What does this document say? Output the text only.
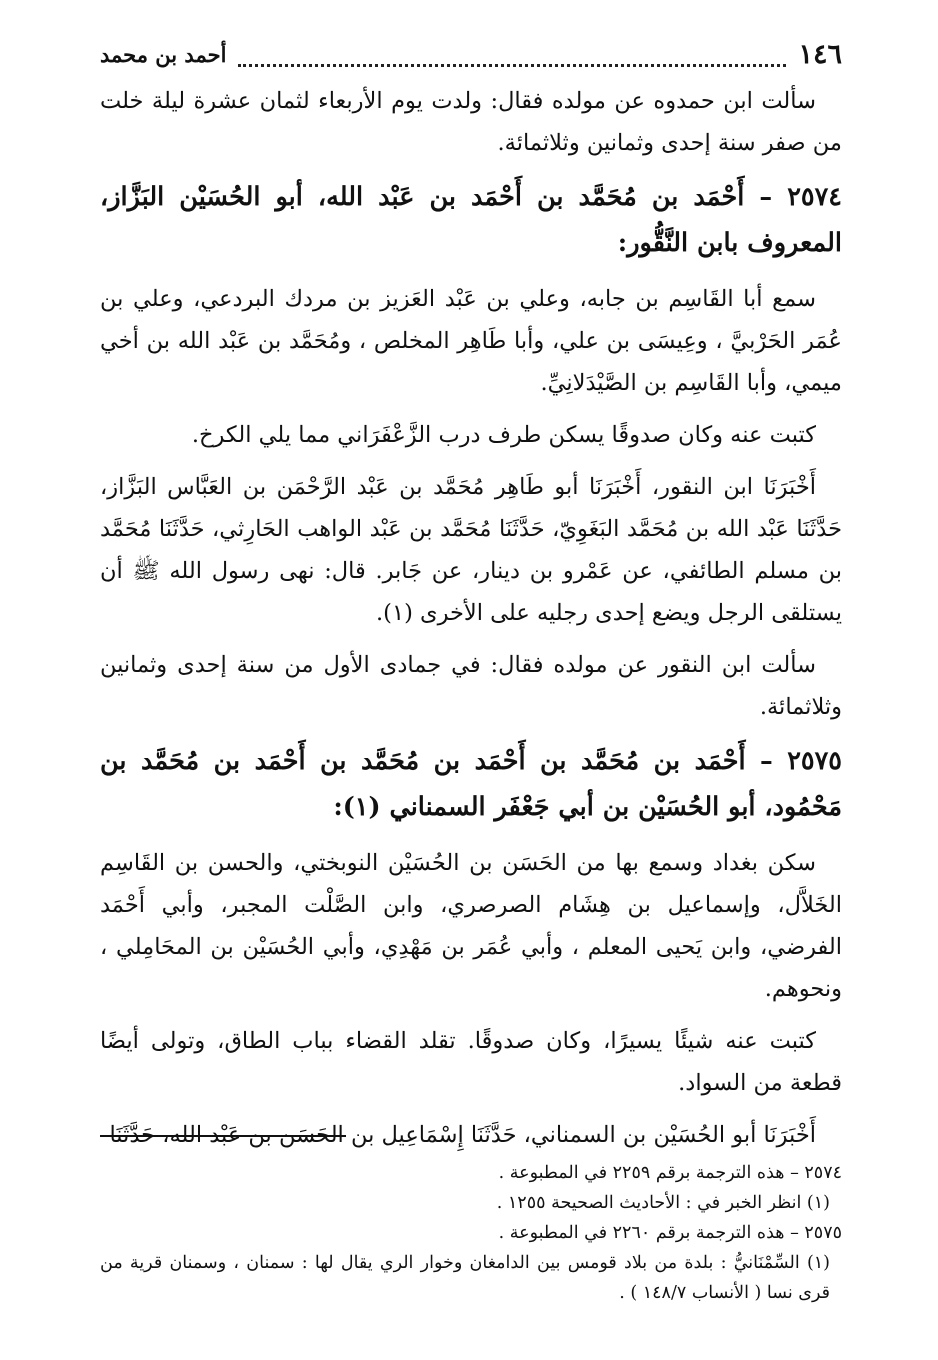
١٤٦
أحمد بن محمد

سألت ابن حمدوه عن مولده فقال: ولدت يوم الأربعاء لثمان عشرة ليلة خلت من صفر سنة إحدى وثمانين وثلاثمائة.

٢٥٧٤ – أَحْمَد بن مُحَمَّد بن أَحْمَد بن عَبْد الله، أبو الحُسَيْن البَزَّاز، المعروف بابن النَّقُّور:

سمع أبا القَاسِم بن جابه، وعلي بن عَبْد العَزيز بن مردك البردعي، وعلي بن عُمَر الحَرْبيَّ ، وعِيسَى بن علي، وأبا طَاهِر المخلص ، ومُحَمَّد بن عَبْد الله بن أخي ميمي، وأبا القَاسِم بن الصَّيْدَلانِيِّ.

كتبت عنه وكان صدوقًا يسكن طرف درب الزَّعْفَرَاني مما يلي الكرخ.

أَخْبَرَنَا ابن النقور، أَخْبَرَنَا أبو طَاهِر مُحَمَّد بن عَبْد الرَّحْمَن بن العَبَّاس البَزَّاز، حَدَّثَنَا عَبْد الله بن مُحَمَّد البَغَوِيّ، حَدَّثَنَا مُحَمَّد بن عَبْد الواهب الحَارِثي، حَدَّثَنَا مُحَمَّد بن مسلم الطائفي، عن عَمْرو بن دينار، عن جَابر. قال: نهى رسول الله ﷺ أن يستلقى الرجل ويضع إحدى رجليه على الأخرى (١).

سألت ابن النقور عن مولده فقال: في جمادى الأول من سنة إحدى وثمانين وثلاثمائة.

٢٥٧٥ – أَحْمَد بن مُحَمَّد بن أَحْمَد بن مُحَمَّد بن أَحْمَد بن مُحَمَّد بن مَحْمُود، أبو الحُسَيْن بن أبي جَعْفَر السمناني (١):

سكن بغداد وسمع بها من الحَسَن بن الحُسَيْن النوبختي، والحسن بن القَاسِم الخَلاَّل، وإسماعيل بن هِشَام الصرصري، وابن الصَّلْت المجبر، وأبي أَحْمَد الفرضي، وابن يَحيى المعلم ، وأبي عُمَر بن مَهْدِي، وأبي الحُسَيْن بن المحَامِلي ، ونحوهم.

كتبت عنه شيئًا يسيرًا، وكان صدوقًا. تقلد القضاء بباب الطاق، وتولى أيضًا قطعة من السواد.

أَخْبَرَنَا أبو الحُسَيْن بن السمناني، حَدَّثَنَا إِسْمَاعِيل بن الحَسَن بن عَبْد الله، حَدَّثَنَا

٢٥٧٤ – هذه الترجمة برقم ٢٢٥٩ في المطبوعة .

(١) انظر الخبر في : الأحاديث الصحيحة ١٢٥٥ .

٢٥٧٥ – هذه الترجمة برقم ٢٢٦٠ في المطبوعة .

(١) السِّمْنَانيُّ : بلدة من بلاد قومس بين الدامغان وخوار الري يقال لها : سمنان ، وسمنان قرية من قرى نسا ( الأنساب ١٤٨/٧ ) .
